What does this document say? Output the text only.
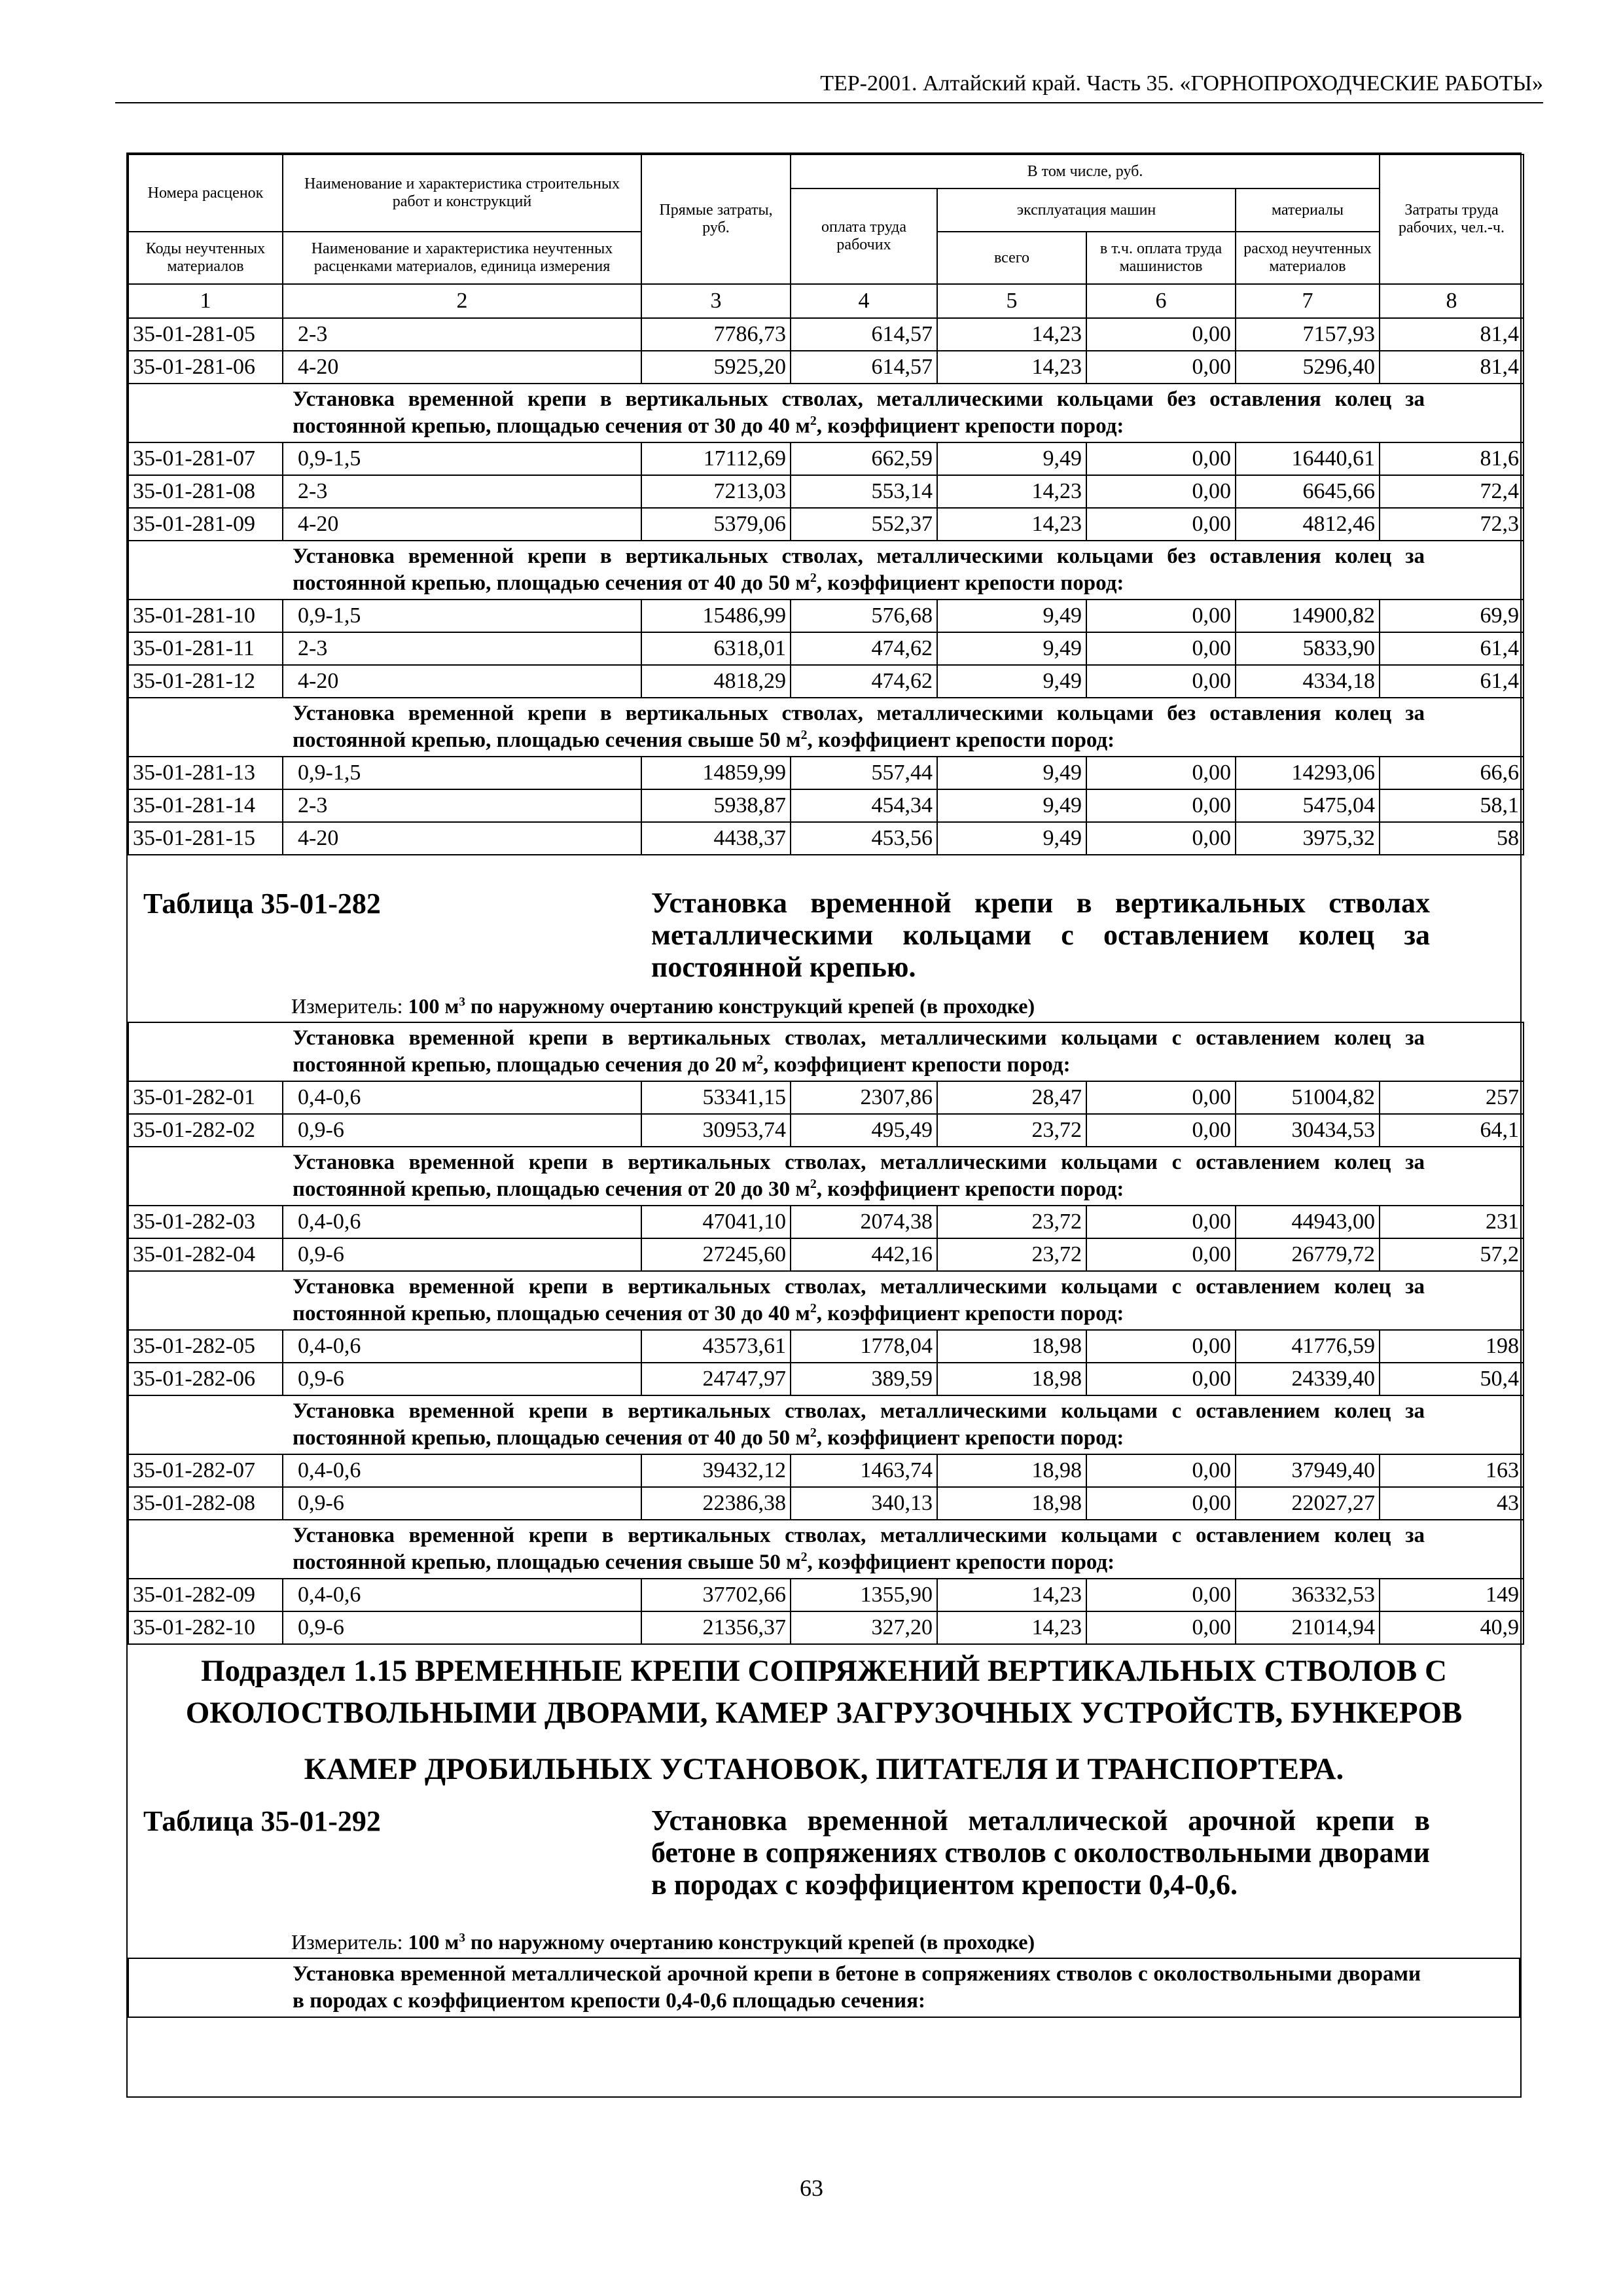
ТЕР-2001. Алтайский край. Часть 35. «ГОРНОПРОХОДЧЕСКИЕ РАБОТЫ»
Номера расценок	Наименование и характеристика строительных работ и конструкций	Прямые затраты, руб.	В том числе, руб.				Затраты труда рабочих, чел.-ч.
			оплата труда рабочих	эксплуатация машин		материалы	
Коды неучтенных материалов	Наименование и характеристика неучтенных расценками материалов, единица измерения			всего	в т.ч. оплата труда машинистов	расход неучтенных материалов	
1	2	3	4	5	6	7	8
35-01-281-05	2-3	7786,73	614,57	14,23	0,00	7157,93	81,4
35-01-281-06	4-20	5925,20	614,57	14,23	0,00	5296,40	81,4
Установка временной крепи в вертикальных стволах, металлическими кольцами без оставления колец за постоянной крепью, площадью сечения от 30 до 40 $м^2$, коэффициент крепости пород:							
35-01-281-07	0,9-1,5	17112,69	662,59	9,49	0,00	16440,61	81,6
35-01-281-08	2-3	7213,03	553,14	14,23	0,00	6645,66	72,4
35-01-281-09	4-20	5379,06	552,37	14,23	0,00	4812,46	72,3
Установка временной крепи в вертикальных стволах, металлическими кольцами без оставления колец за постоянной крепью, площадью сечения от 40 до 50 $м^2$, коэффициент крепости пород:							
35-01-281-10	0,9-1,5	15486,99	576,68	9,49	0,00	14900,82	69,9
35-01-281-11	2-3	6318,01	474,62	9,49	0,00	5833,90	61,4
35-01-281-12	4-20	4818,29	474,62	9,49	0,00	4334,18	61,4
Установка временной крепи в вертикальных стволах, металлическими кольцами без оставления колец за постоянной крепью, площадью сечения свыше 50 $м^2$, коэффициент крепости пород:							
35-01-281-13	0,9-1,5	14859,99	557,44	9,49	0,00	14293,06	66,6
35-01-281-14	2-3	5938,87	454,34	9,49	0,00	5475,04	58,1
35-01-281-15	4-20	4438,37	453,56	9,49	0,00	3975,32	58
Таблица 35-01-282	Установка временной крепи в вертикальных стволах металлическими кольцами с оставлением колец за постоянной крепью.
Измеритель: 100 $м^3$ по наружному очертанию конструкций крепей (в проходке)
Установка временной крепи в вертикальных стволах, металлическими кольцами с оставлением колец за постоянной крепью, площадью сечения до 20 $м^2$, коэффициент крепости пород:							
35-01-282-01	0,4-0,6	53341,15	2307,86	28,47	0,00	51004,82	257
35-01-282-02	0,9-6	30953,74	495,49	23,72	0,00	30434,53	64,1
Установка временной крепи в вертикальных стволах, металлическими кольцами с оставлением колец за постоянной крепью, площадью сечения от 20 до 30 $м^2$, коэффициент крепости пород:							
35-01-282-03	0,4-0,6	47041,10	2074,38	23,72	0,00	44943,00	231
35-01-282-04	0,9-6	27245,60	442,16	23,72	0,00	26779,72	57,2
Установка временной крепи в вертикальных стволах, металлическими кольцами с оставлением колец за постоянной крепью, площадью сечения от 30 до 40 $м^2$, коэффициент крепости пород:							
35-01-282-05	0,4-0,6	43573,61	1778,04	18,98	0,00	41776,59	198
35-01-282-06	0,9-6	24747,97	389,59	18,98	0,00	24339,40	50,4
Установка временной крепи в вертикальных стволах, металлическими кольцами с оставлением колец за постоянной крепью, площадью сечения от 40 до 50 $м^2$, коэффициент крепости пород:							
35-01-282-07	0,4-0,6	39432,12	1463,74	18,98	0,00	37949,40	163
35-01-282-08	0,9-6	22386,38	340,13	18,98	0,00	22027,27	43
Установка временной крепи в вертикальных стволах, металлическими кольцами с оставлением колец за постоянной крепью, площадью сечения свыше 50 $м^2$, коэффициент крепости пород:							
35-01-282-09	0,4-0,6	37702,66	1355,90	14,23	0,00	36332,53	149
35-01-282-10	0,9-6	21356,37	327,20	14,23	0,00	21014,94	40,9
Подраздел 1.15 ВРЕМЕННЫЕ КРЕПИ СОПРЯЖЕНИЙ ВЕРТИКАЛЬНЫХ СТВОЛОВ С
ОКОЛОСТВОЛЬНЫМИ ДВОРАМИ, КАМЕР ЗАГРУЗОЧНЫХ УСТРОЙСТВ, БУНКЕРОВ
КАМЕР ДРОБИЛЬНЫХ УСТАНОВОК, ПИТАТЕЛЯ И ТРАНСПОРТЕРА.
Таблица 35-01-292	Установка временной металлической арочной крепи в бетоне в сопряжениях стволов с околоствольными дворами в породах с коэффициентом крепости 0,4-0,6.
Измеритель: 100 $м^3$ по наружному очертанию конструкций крепей (в проходке)
Установка временной металлической арочной крепи в бетоне в сопряжениях стволов с околоствольными дворами в породах с коэффициентом крепости 0,4-0,6 площадью сечения:
63
